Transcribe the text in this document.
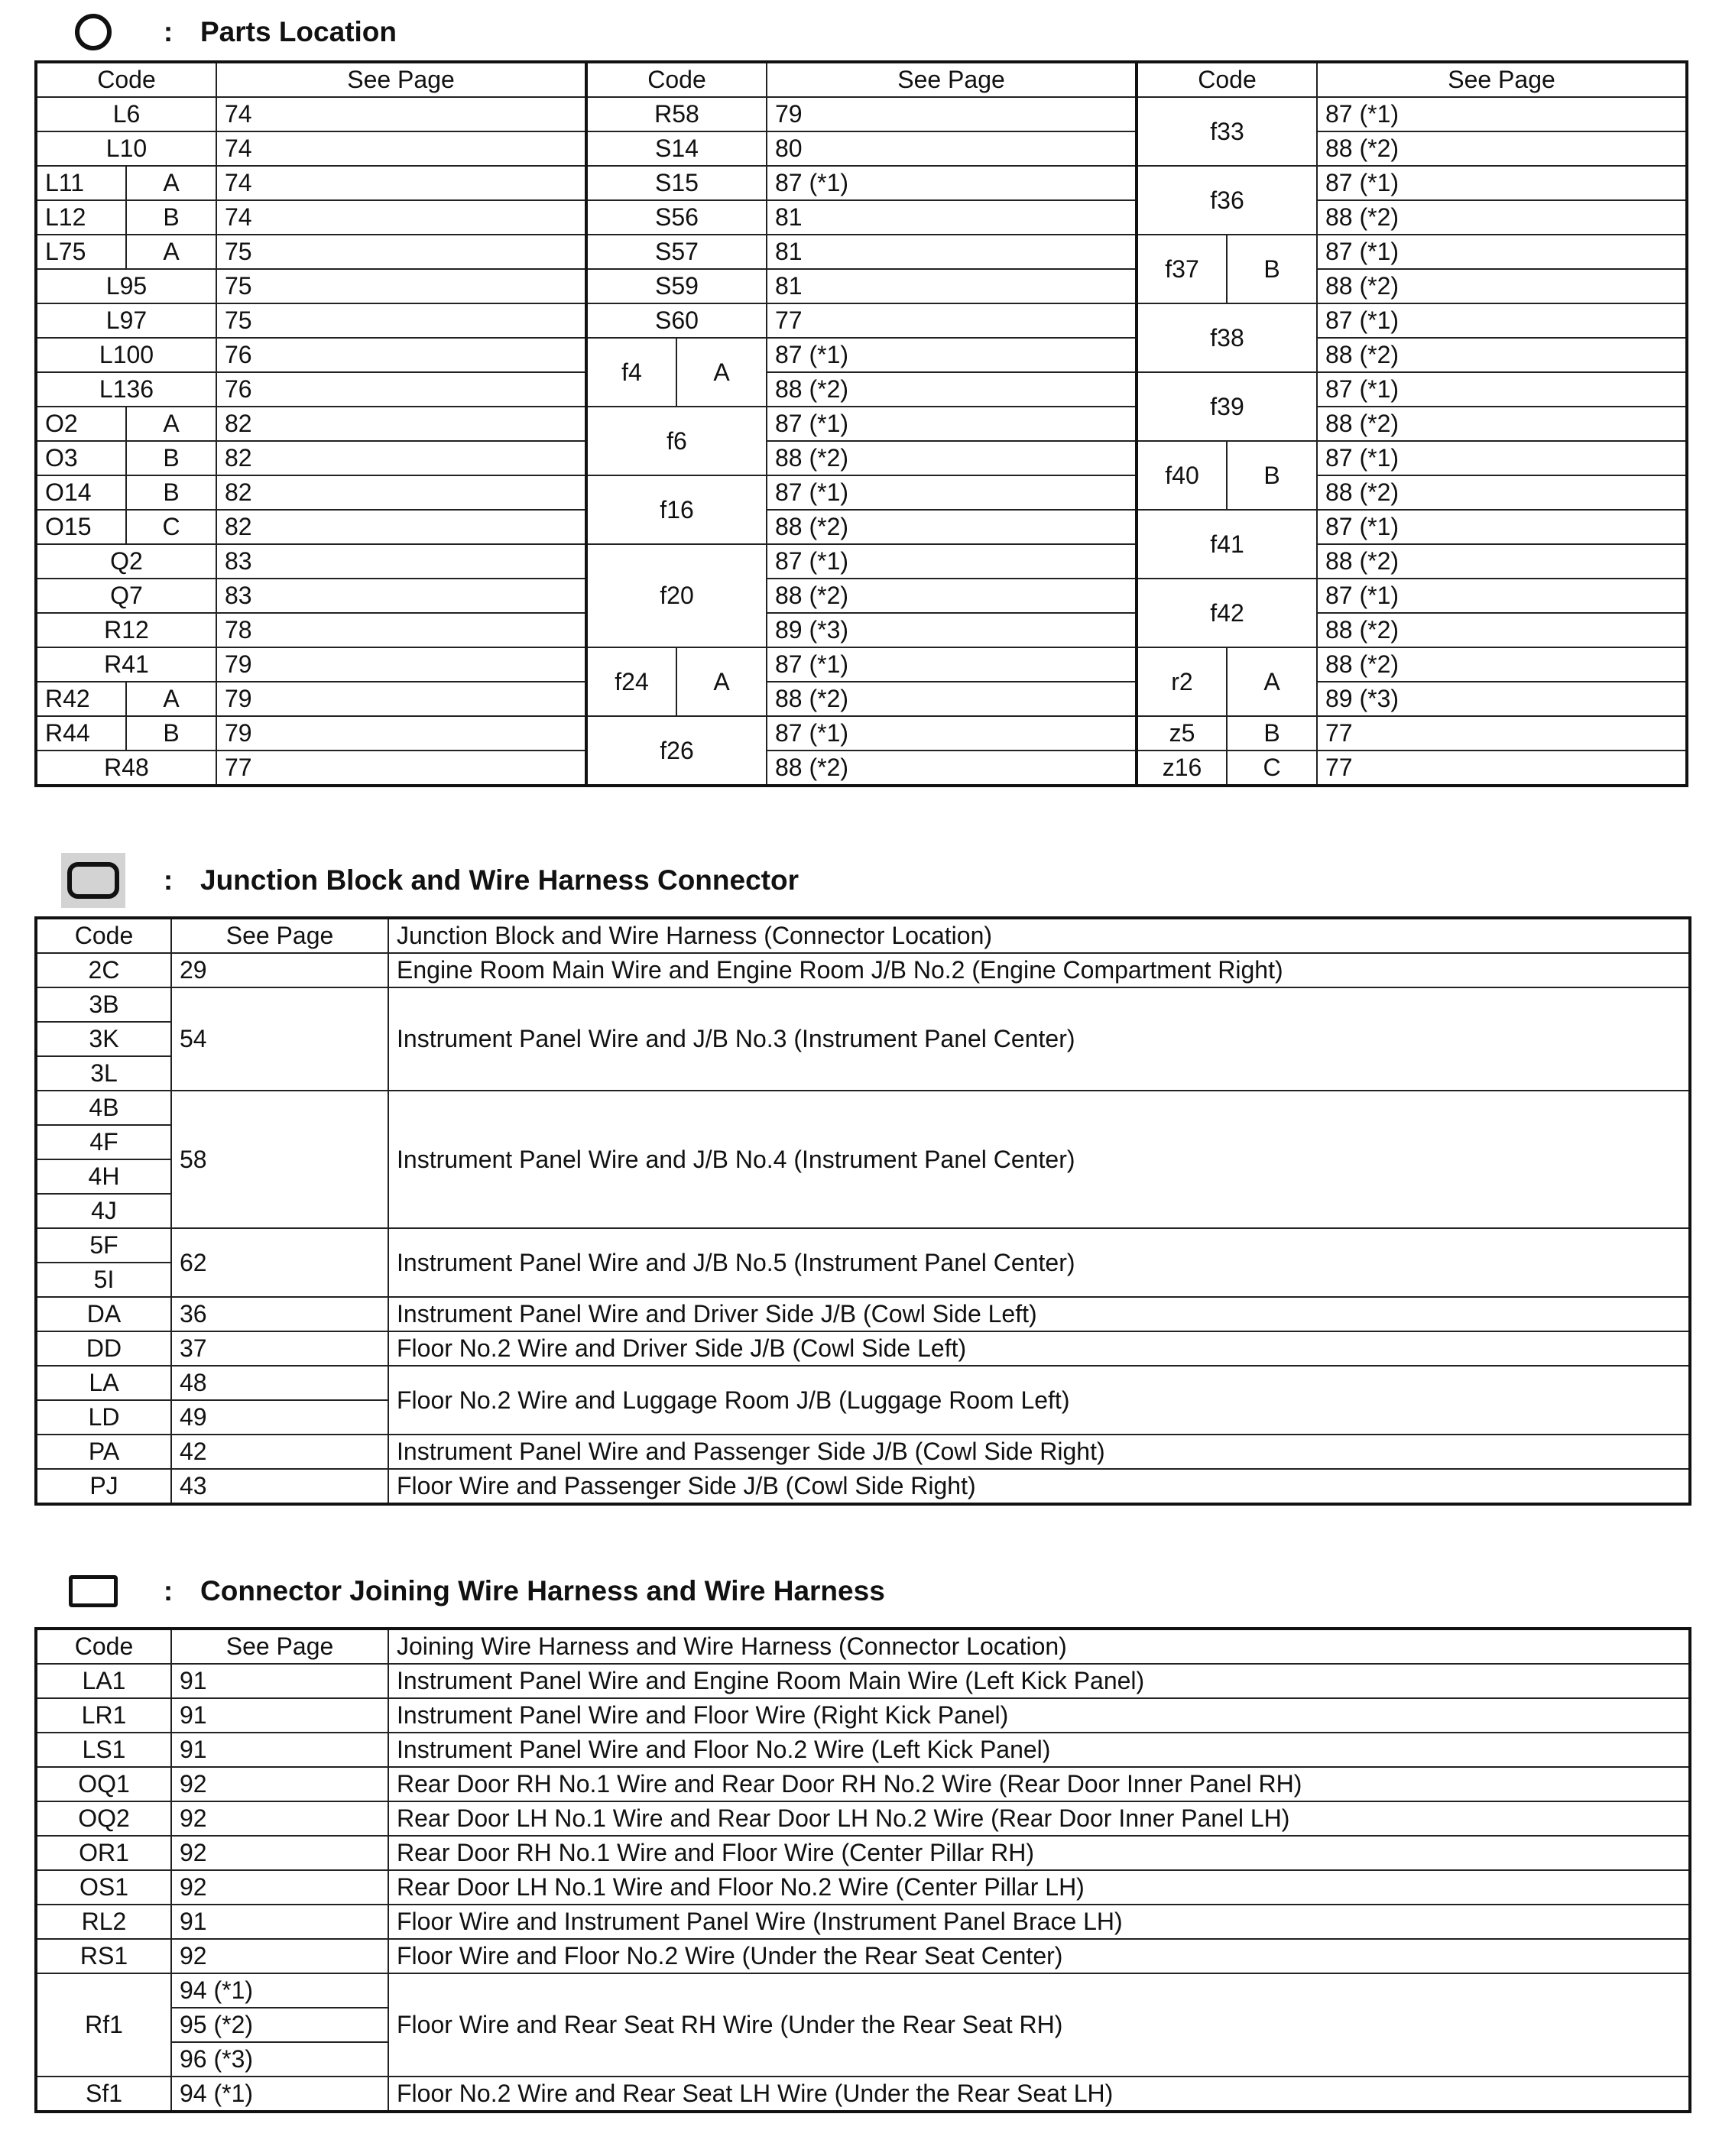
: Parts Location
Code		See Page	Code		See Page	Code		See Page
L6		74	R58		79	f33		87 (*1)
L10		74	S14		80			88 (*2)
L11	A	74	S15		87 (*1)	f36		87 (*1)
L12	B	74	S56		81			88 (*2)
L75	A	75	S57		81	f37	B	87 (*1)
L95		75	S59		81			88 (*2)
L97		75	S60		77	f38		87 (*1)
L100		76	f4	A	87 (*1)			88 (*2)
L136		76			88 (*2)	f39		87 (*1)
O2	A	82	f6		87 (*1)			88 (*2)
O3	B	82			88 (*2)	f40	B	87 (*1)
O14	B	82	f16		87 (*1)			88 (*2)
O15	C	82			88 (*2)	f41		87 (*1)
Q2		83	f20		87 (*1)			88 (*2)
Q7		83			88 (*2)	f42		87 (*1)
R12		78			89 (*3)			88 (*2)
R41		79	f24	A	87 (*1)	r2	A	88 (*2)
R42	A	79			88 (*2)			89 (*3)
R44	B	79	f26		87 (*1)	z5	B	77
R48		77			88 (*2)	z16	C	77
: Junction Block and Wire Harness Connector
Code	See Page	Junction Block and Wire Harness (Connector Location)
2C	29	Engine Room Main Wire and Engine Room J/B No.2 (Engine Compartment Right)
3B	54	Instrument Panel Wire and J/B No.3 (Instrument Panel Center)
3K		
3L		
4B	58	Instrument Panel Wire and J/B No.4 (Instrument Panel Center)
4F		
4H		
4J		
5F	62	Instrument Panel Wire and J/B No.5 (Instrument Panel Center)
5I		
DA	36	Instrument Panel Wire and Driver Side J/B (Cowl Side Left)
DD	37	Floor No.2 Wire and Driver Side J/B (Cowl Side Left)
LA	48	Floor No.2 Wire and Luggage Room J/B (Luggage Room Left)
LD	49	
PA	42	Instrument Panel Wire and Passenger Side J/B (Cowl Side Right)
PJ	43	Floor Wire and Passenger Side J/B (Cowl Side Right)
: Connector Joining Wire Harness and Wire Harness
Code	See Page	Joining Wire Harness and Wire Harness (Connector Location)
LA1	91	Instrument Panel Wire and Engine Room Main Wire (Left Kick Panel)
LR1	91	Instrument Panel Wire and Floor Wire (Right Kick Panel)
LS1	91	Instrument Panel Wire and Floor No.2 Wire (Left Kick Panel)
OQ1	92	Rear Door RH No.1 Wire and Rear Door RH No.2 Wire (Rear Door Inner Panel RH)
OQ2	92	Rear Door LH No.1 Wire and Rear Door LH No.2 Wire (Rear Door Inner Panel LH)
OR1	92	Rear Door RH No.1 Wire and Floor Wire (Center Pillar RH)
OS1	92	Rear Door LH No.1 Wire and Floor No.2 Wire (Center Pillar LH)
RL2	91	Floor Wire and Instrument Panel Wire (Instrument Panel Brace LH)
RS1	92	Floor Wire and Floor No.2 Wire (Under the Rear Seat Center)
Rf1	94 (*1)	Floor Wire and Rear Seat RH Wire (Under the Rear Seat RH)
	95 (*2)	
	96 (*3)	
Sf1	94 (*1)	Floor No.2 Wire and Rear Seat LH Wire (Under the Rear Seat LH)
